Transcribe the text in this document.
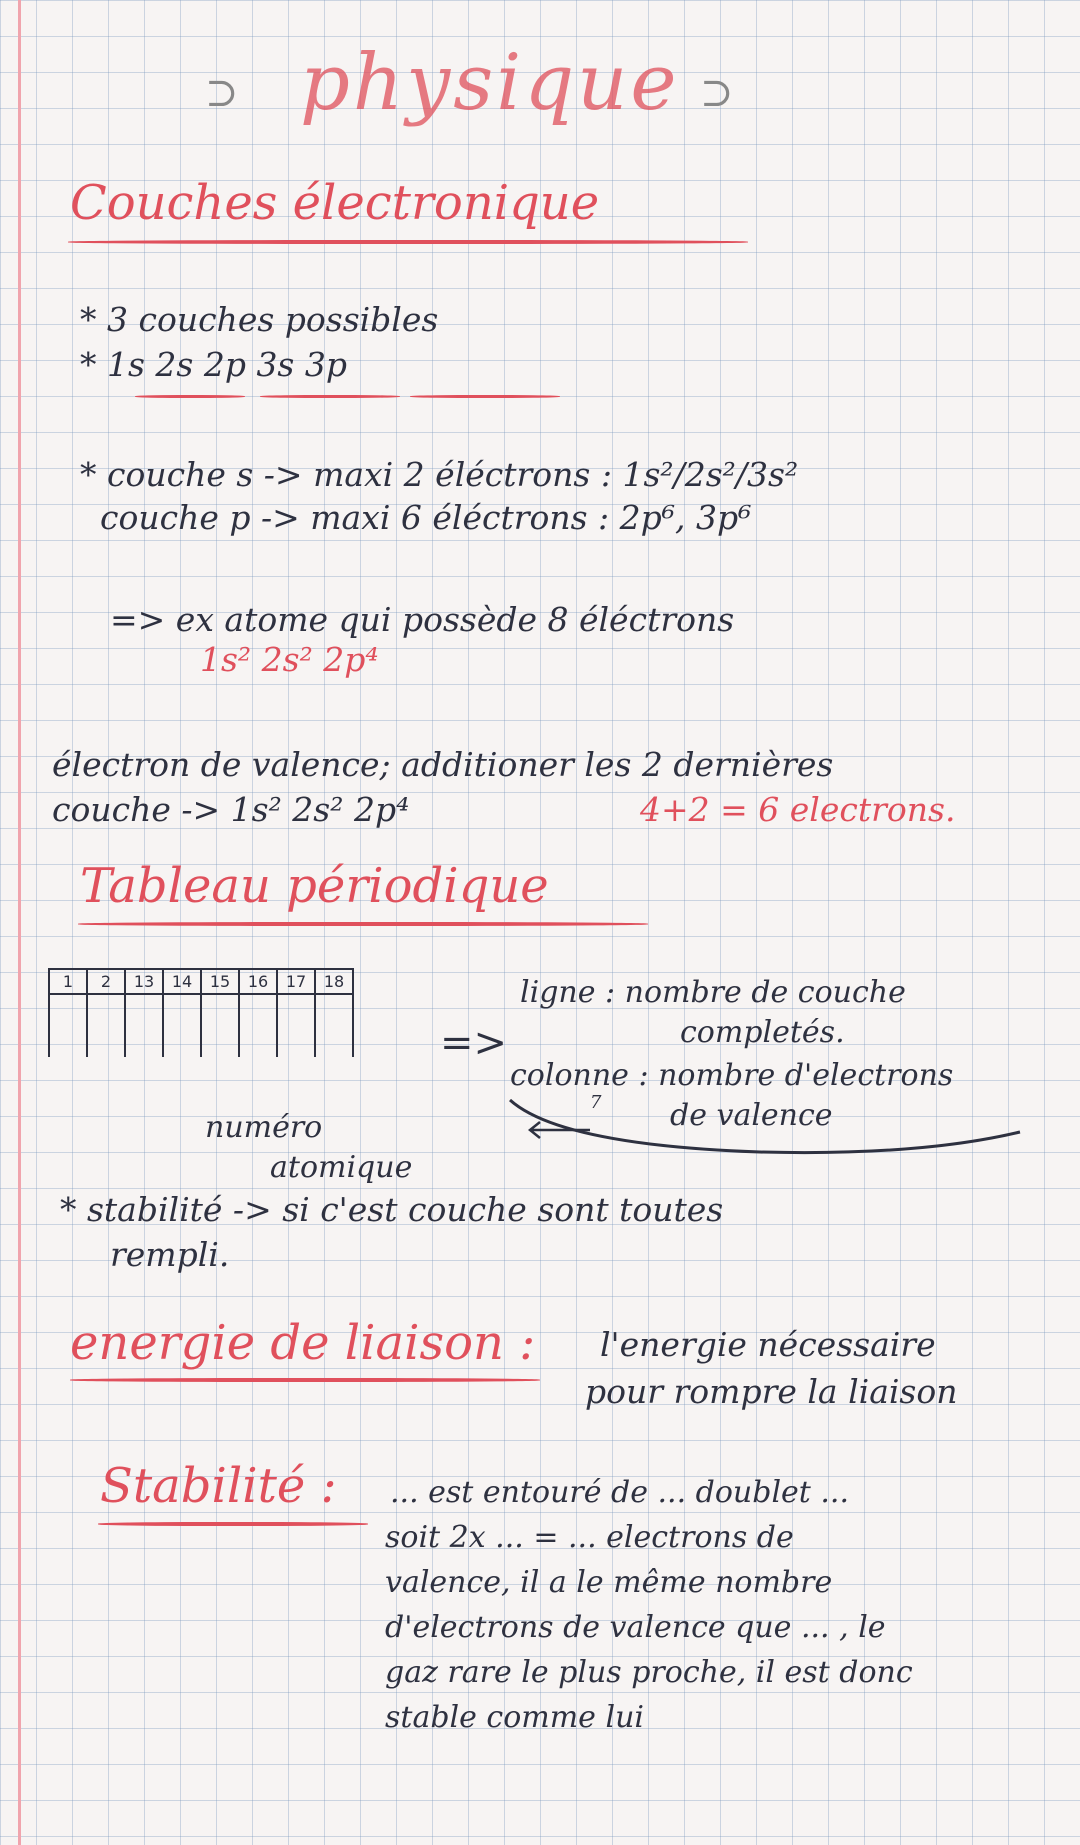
⊃ physique ⊃
Couches électronique
* 3 couches possibles
* 1s 2s 2p 3s 3p
* couche s -> maxi 2 éléctrons : 1s²/2s²/3s²
couche p -> maxi 6 éléctrons : 2p⁶, 3p⁶
=> ex atome qui possède 8 éléctrons
1s² 2s² 2p⁴
électron de valence; additioner les 2 dernières
couche -> 1s² 2s² 2p⁴	4+2 = 6 electrons.
Tableau périodique
1	2	13	14	15	16	17	18

=>
ligne : nombre de couche
completés.
colonne : nombre d'electrons
7 de valence
numéro
atomique
* stabilité -> si c'est couche sont toutes
rempli.
energie de liaison : l'energie nécessaire
pour rompre la liaison
Stabilité : ... est entouré de ... doublet ...
soit 2x ... = ... electrons de
valence, il a le même nombre
d'electrons de valence que ... , le
gaz rare le plus proche, il est donc
stable comme lui
